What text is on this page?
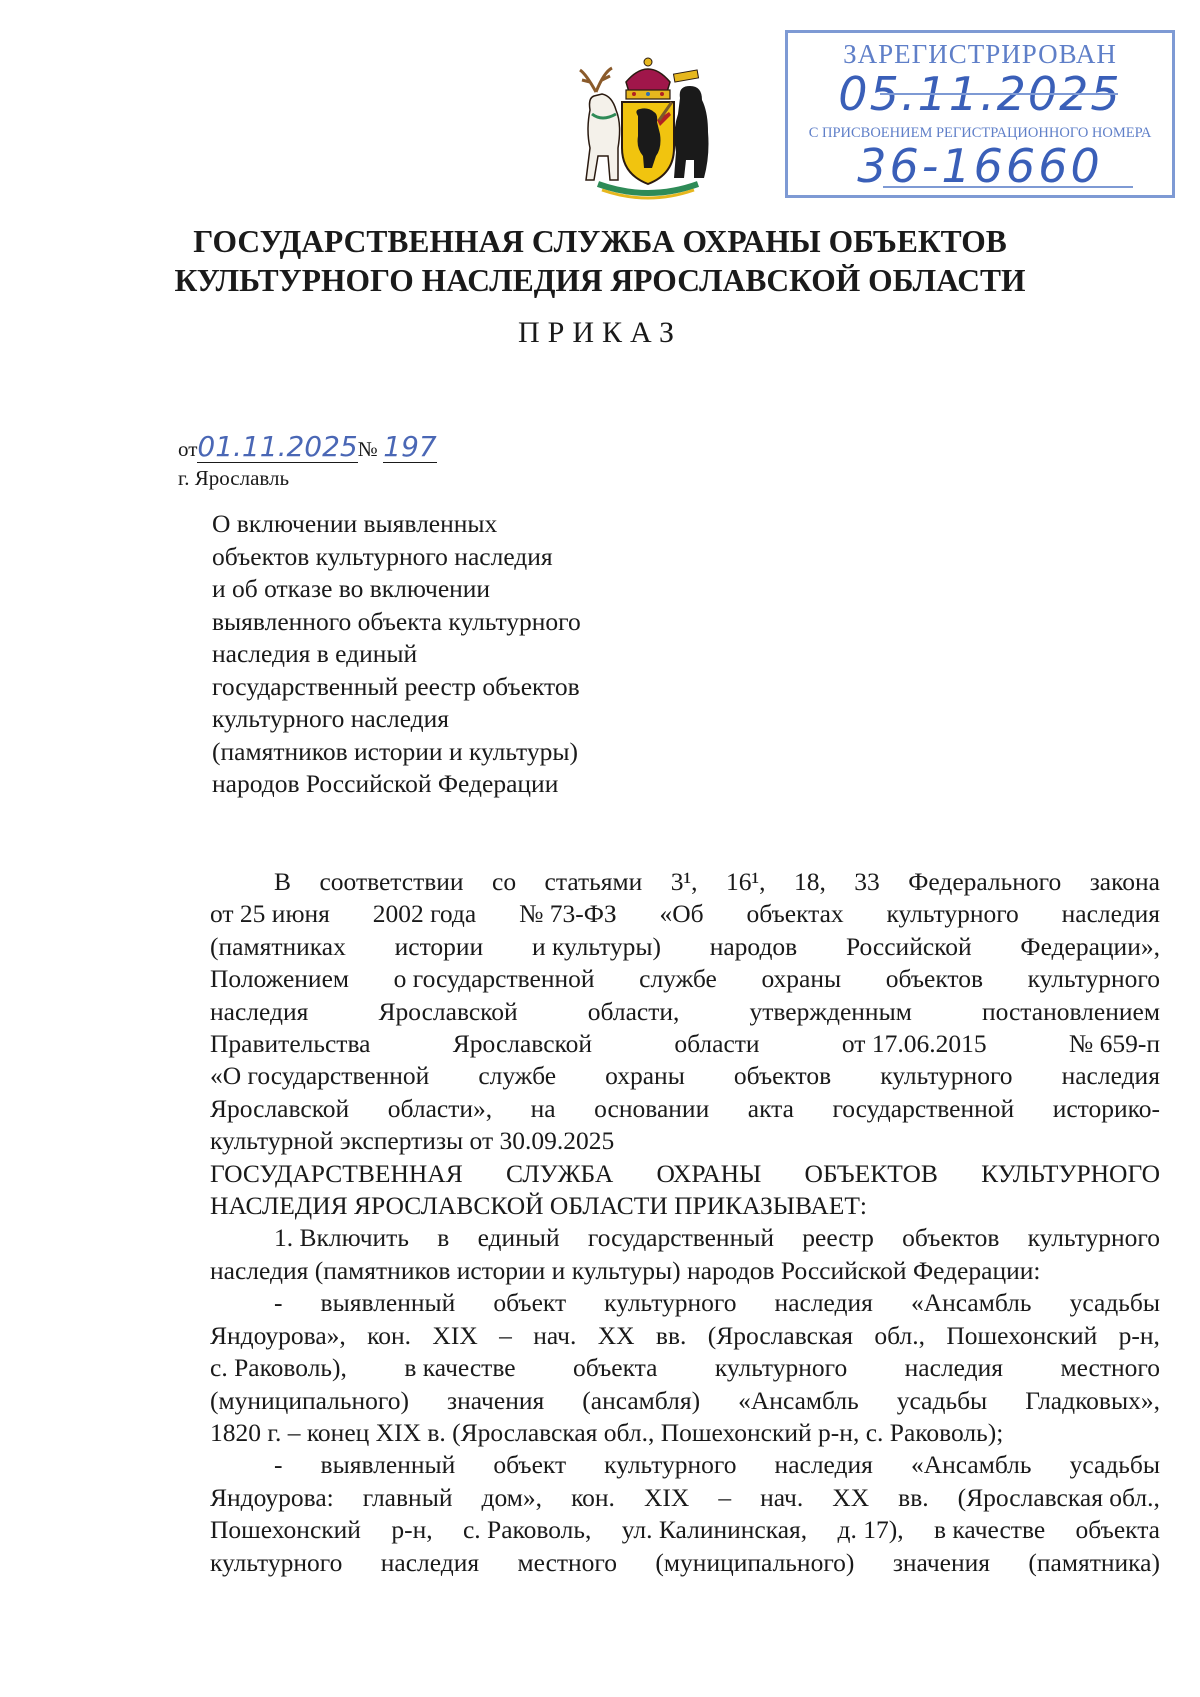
ЗАРЕГИСТРИРОВАН
05.11.2025
С ПРИСВОЕНИЕМ РЕГИСТРАЦИОННОГО НОМЕРА
36-16660
ГОСУДАРСТВЕННАЯ СЛУЖБА ОХРАНЫ ОБЪЕКТОВ
КУЛЬТУРНОГО НАСЛЕДИЯ ЯРОСЛАВСКОЙ ОБЛАСТИ
ПРИКАЗ
от01.11.2025№ 197
г. Ярославль
О включении выявленных
объектов культурного наследия
и об отказе во включении
выявленного объекта культурного
наследия в единый
государственный реестр объектов
культурного наследия
(памятников истории и культуры)
народов Российской Федерации
В соответствии со статьями 3¹, 16¹, 18, 33 Федерального закона
от 25 июня 2002 года № 73-ФЗ «Об объектах культурного наследия
(памятниках истории и культуры) народов Российской Федерации»,
Положением о государственной службе охраны объектов культурного
наследия	Ярославской	области,	утвержденным	постановлением
Правительства	Ярославской	области	от 17.06.2015	№ 659-п
«О государственной службе охраны объектов культурного наследия
Ярославской области», на основании акта государственной историко-
культурной экспертизы от 30.09.2025
ГОСУДАРСТВЕННАЯ СЛУЖБА ОХРАНЫ ОБЪЕКТОВ КУЛЬТУРНОГО
НАСЛЕДИЯ ЯРОСЛАВСКОЙ ОБЛАСТИ ПРИКАЗЫВАЕТ:
1. Включить в единый государственный реестр объектов культурного
наследия (памятников истории и культуры) народов Российской Федерации:
- выявленный объект культурного наследия «Ансамбль усадьбы
Яндоурова», кон. XIX – нач. XX вв. (Ярославская обл., Пошехонский р-н,
с. Раковоль), в качестве объекта культурного наследия местного
(муниципального) значения (ансамбля) «Ансамбль усадьбы Гладковых»,
1820 г. – конец XIX в. (Ярославская обл., Пошехонский р-н, с. Раковоль);
- выявленный объект культурного наследия «Ансамбль усадьбы
Яндоурова: главный дом», кон. XIX – нач. XX вв. (Ярославская обл.,
Пошехонский р-н, с. Раковоль, ул. Калининская, д. 17), в качестве объекта
культурного наследия местного (муниципального) значения (памятника)
